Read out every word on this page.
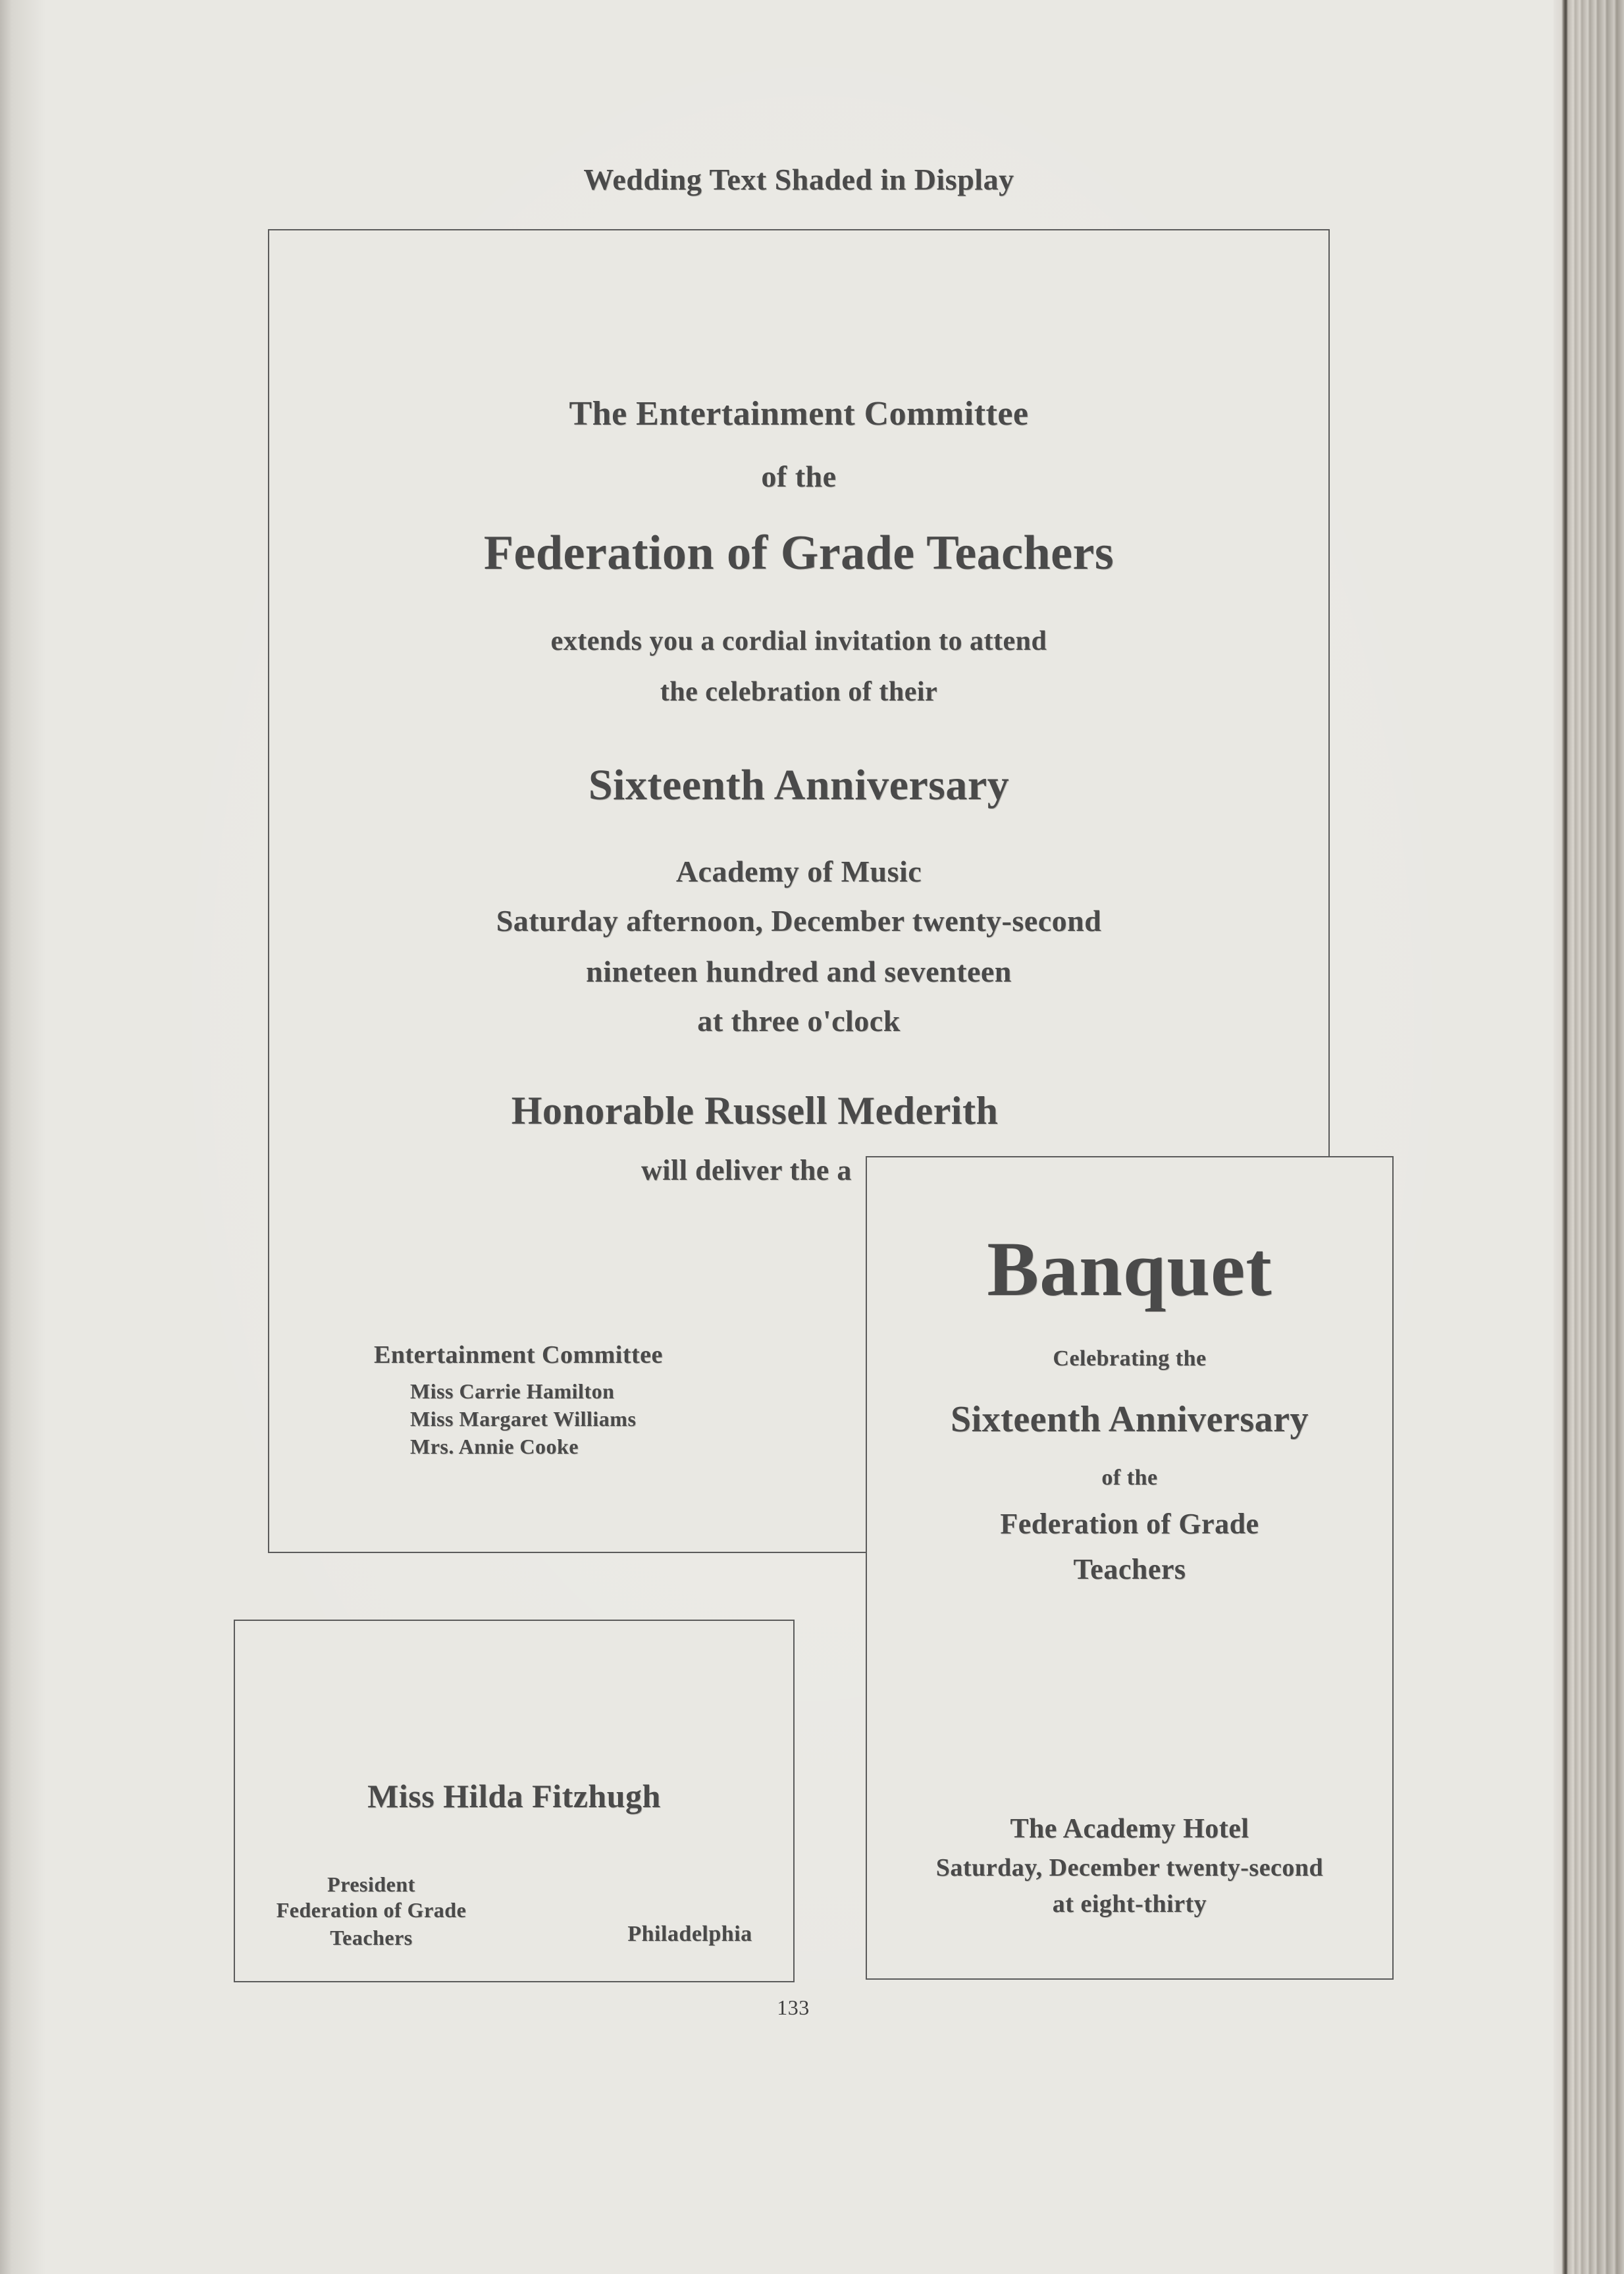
Wedding Text Shaded in Display
The Entertainment Committee
of the
Federation of Grade Teachers
extends you a cordial invitation to attend
the celebration of their
Sixteenth Anniversary
Academy of Music
Saturday afternoon, December twenty-second
nineteen hundred and seventeen
at three o'clock
Honorable Russell Mederith
will deliver the a
Entertainment Committee
Miss Carrie Hamilton
Miss Margaret Williams
Mrs. Annie Cooke
Banquet
Celebrating the
Sixteenth Anniversary
of the
Federation of Grade
Teachers
The Academy Hotel
Saturday, December twenty-second
at eight-thirty
Miss Hilda Fitzhugh
President
Federation of Grade
Teachers	Philadelphia
133
